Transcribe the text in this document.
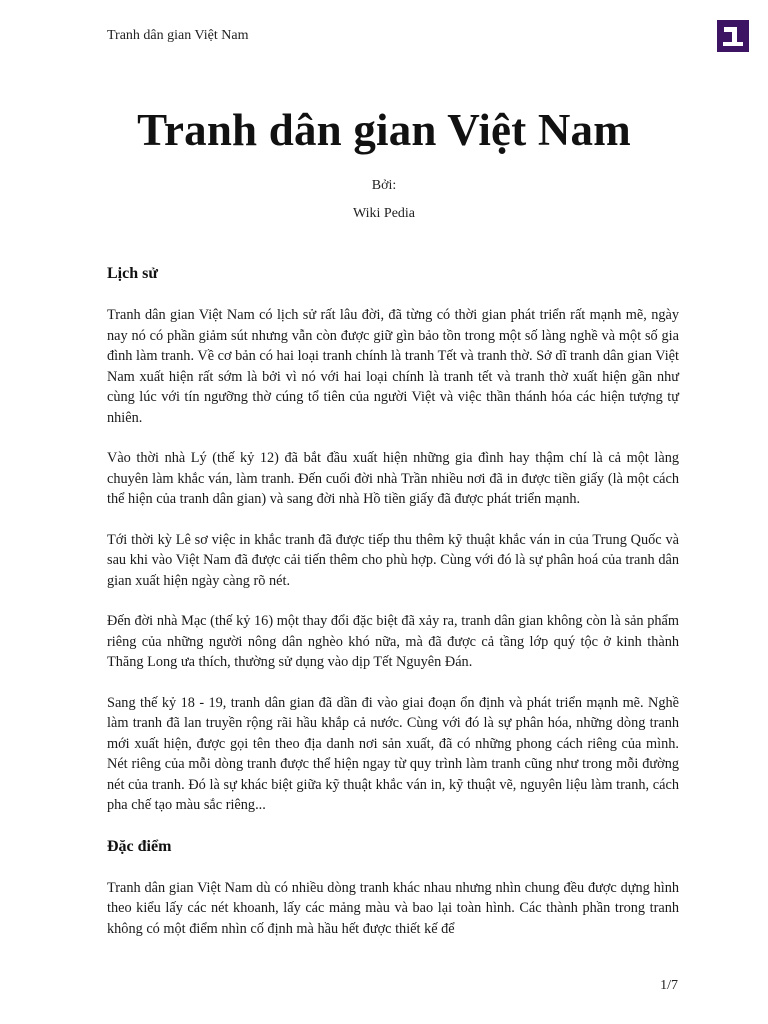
Tranh dân gian Việt Nam
Tranh dân gian Việt Nam
Bởi:
Wiki Pedia
Lịch sử

Tranh dân gian Việt Nam có lịch sử rất lâu đời, đã từng có thời gian phát triển rất mạnh mẽ, ngày nay nó có phần giảm sút nhưng vẫn còn được giữ gìn bảo tồn trong một số làng nghề và một số gia đình làm tranh. Về cơ bản có hai loại tranh chính là tranh Tết và tranh thờ. Sở dĩ tranh dân gian Việt Nam xuất hiện rất sớm là bởi vì nó với hai loại chính là tranh tết và tranh thờ xuất hiện gần như cùng lúc với tín ngưỡng thờ cúng tổ tiên của người Việt và việc thần thánh hóa các hiện tượng tự nhiên.

Vào thời nhà Lý (thế kỷ 12) đã bắt đầu xuất hiện những gia đình hay thậm chí là cả một làng chuyên làm khắc ván, làm tranh. Đến cuối đời nhà Trần nhiều nơi đã in được tiền giấy (là một cách thể hiện của tranh dân gian) và sang đời nhà Hồ tiền giấy đã được phát triển mạnh.

Tới thời kỳ Lê sơ việc in khắc tranh đã được tiếp thu thêm kỹ thuật khắc ván in của Trung Quốc và sau khi vào Việt Nam đã được cải tiến thêm cho phù hợp. Cùng với đó là sự phân hoá của tranh dân gian xuất hiện ngày càng rõ nét.

Đến đời nhà Mạc (thế kỷ 16) một thay đổi đặc biệt đã xảy ra, tranh dân gian không còn là sản phẩm riêng của những người nông dân nghèo khó nữa, mà đã được cả tầng lớp quý tộc ở kinh thành Thăng Long ưa thích, thường sử dụng vào dịp Tết Nguyên Đán.

Sang thế kỷ 18 - 19, tranh dân gian đã dần đi vào giai đoạn ổn định và phát triển mạnh mẽ. Nghề làm tranh đã lan truyền rộng rãi hầu khắp cả nước. Cùng với đó là sự phân hóa, những dòng tranh mới xuất hiện, được gọi tên theo địa danh nơi sản xuất, đã có những phong cách riêng của mình. Nét riêng của mỗi dòng tranh được thể hiện ngay từ quy trình làm tranh cũng như trong mỗi đường nét của tranh. Đó là sự khác biệt giữa kỹ thuật khắc ván in, kỹ thuật vẽ, nguyên liệu làm tranh, cách pha chế tạo màu sắc riêng...

Đặc điểm

Tranh dân gian Việt Nam dù có nhiều dòng tranh khác nhau nhưng nhìn chung đều được dựng hình theo kiểu lấy các nét khoanh, lấy các mảng màu và bao lại toàn hình. Các thành phần trong tranh không có một điểm nhìn cố định mà hầu hết được thiết kế để

1/7
